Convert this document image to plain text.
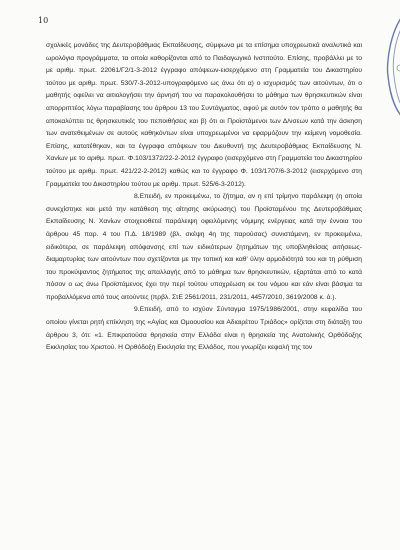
10

σχολικές μονάδες της Δευτεροβάθμιας Εκπαίδευσης, σύμφωνα με τα επίσημα υποχρεωτικά αναλυτικά και ωρολόγια προγράμματα, τα οποία καθορίζονται από το Παιδαγωγικό Ινστιτούτο. Επίσης, προβάλλει με το με αριθμ. πρωτ. 22061/Γ2/1-3-2012 έγγραφο απόψεων-εισερχόμενο στη Γραμματεία του Δικαστηρίου τούτου με αριθμ. πρωτ. 530/7-3-2012-υπογραφόμενο ως άνω ότι α) ο ισχυρισμός των αιτούντων, ότι ο μαθητής οφείλει να αιτιολογήσει την άρνησή του να παρακολουθήσει το μάθημα των θρησκευτικών είναι απορριπτέος λόγω παραβίασης του άρθρου 13 του Συντάγματος, αφού με αυτόν τον τρόπο ο μαθητής θα αποκαλύπτει τις θρησκευτικές του πεποιθήσεις και β) ότι οι Προϊστάμενοι των Δ/νσεων κατά την άσκηση των ανατεθειμένων σε αυτούς καθηκόντων είναι υποχρεωμένοι να εφαρμόζουν την κείμενη νομοθεσία. Επίσης, κατατέθηκαν, και τα έγγραφα απόψεων του Διευθυντή της Δευτεροβάθμιας Εκπαίδευσης Ν. Χανίων με το αριθμ. πρωτ. Φ.103/1372/22-2-2012 έγγραφο (εισερχόμενο στη Γραμματεία του Δικαστηρίου τούτου με αριθμ. πρωτ. 421/22-2-2012) καθώς και το έγγραφο Φ. 103/1707/6-3-2012 (εισερχόμενο στη Γραμματεία του Δικαστηρίου τούτου με αριθμ. πρωτ. 525/6-3-2012).

8.Επειδή, εν προκειμένω, το ζήτημα, αν η επί τρίμηνο παράλειψη (η οποία συνεχίστηκε και μετά την κατάθεση της αίτησης ακύρωσης) του Προϊσταμένου της Δευτεροβάθμιας Εκπαίδευσης Ν. Χανίων στοιχειοθετεί παράλειψη οφειλόμενης νόμιμης ενέργειας κατά την έννοια του άρθρου 45 παρ. 4 του Π.Δ. 18/1989 (βλ. σκέψη 4η της παρούσας) συνιστάμενη, εν προκειμένω, ειδικότερα, σε παράλειψη απόφανσης επί των ειδικότερων ζητημάτων της υποβληθείσας αιτήσεως-διαμαρτυρίας των αιτούντων που σχετίζονται με την τοπική και καθ' ύλην αρμοδιότητά του και τη ρύθμιση του προκύψαντος ζητήματος της απαλλαγής από το μάθημα των θρησκευτικών, εξαρτάται από το κατά πόσον ο ως άνω Προϊστάμενος έχει την περί τούτου υποχρέωση εκ του νόμου και εάν είναι βάσιμα τα προβαλλόμενα από τους αιτούντες (πρβλ. ΣτΕ 2561/2011, 231/2011, 4457/2010, 3619/2008 κ. ά.).

9.Επειδή, από το ισχύον Σύνταγμα 1975/1986/2001, στην κεφαλίδα του οποίου γίνεται ρητή επίκληση της «Αγίας και Ομοουσίου και Αδιαιρέτου Τριάδος» ορίζεται στη διάταξη του άρθρου 3, ότι: «1. Επικρατούσα θρησκεία στην Ελλάδα είναι η θρησκεία της Ανατολικής Ορθόδοξης Εκκλησίας του Χριστού. Η Ορθόδοξη Εκκλησία της Ελλάδος, που γνωρίζει κεφαλή της τον
